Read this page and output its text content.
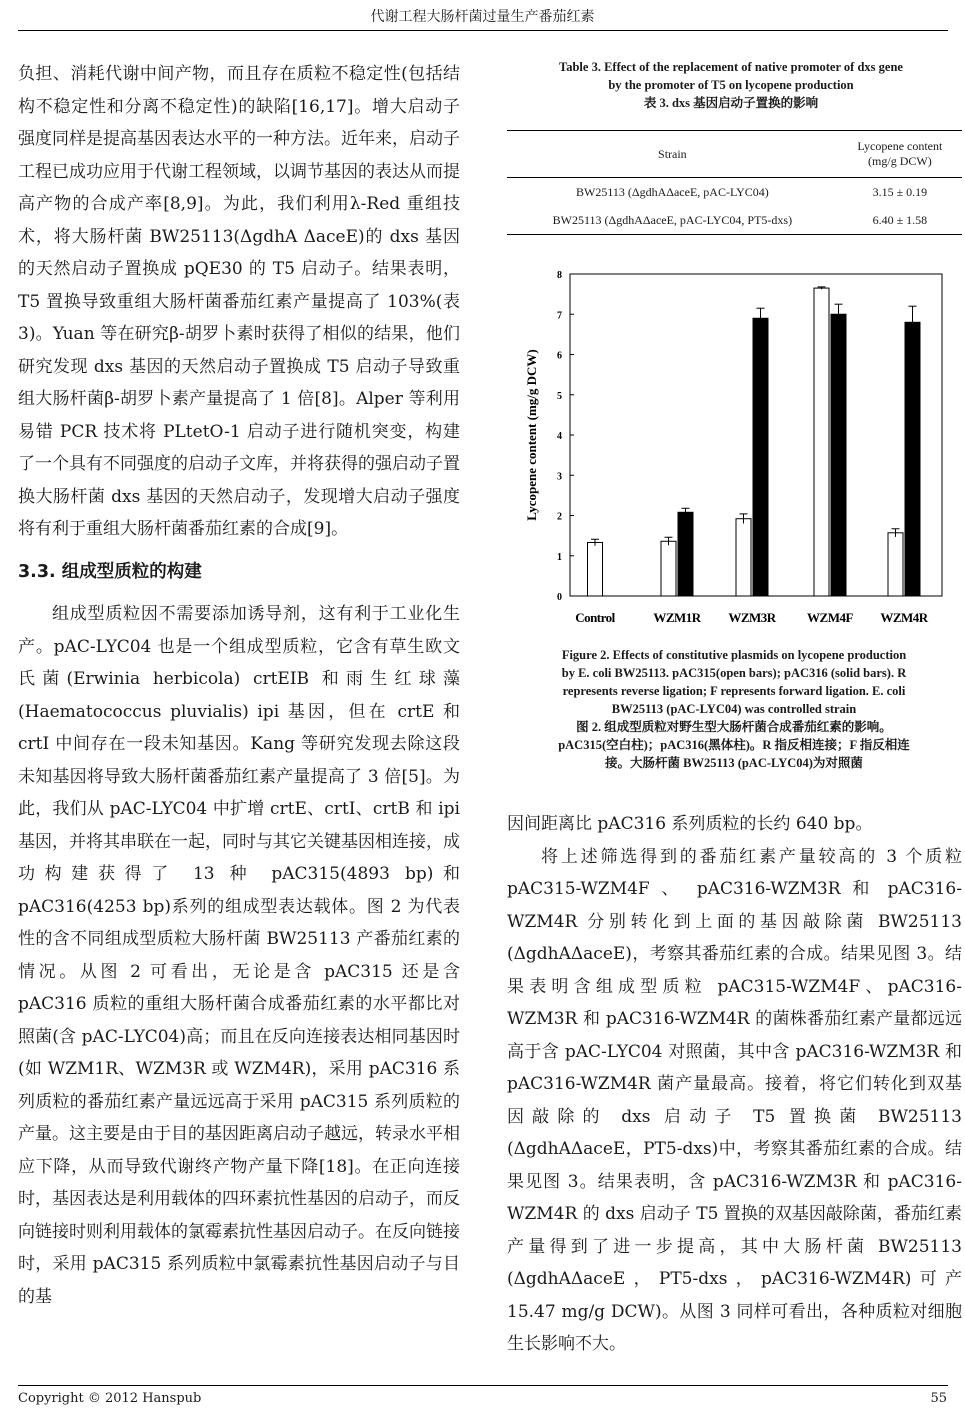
代谢工程大肠杆菌过量生产番茄红素

负担、消耗代谢中间产物，而且存在质粒不稳定性(包括结构不稳定性和分离不稳定性)的缺陷[16,17]。增大启动子强度同样是提高基因表达水平的一种方法。近年来，启动子工程已成功应用于代谢工程领域，以调节基因的表达从而提高产物的合成产率[8,9]。为此，我们利用λ-Red 重组技术，将大肠杆菌 BW25113(ΔgdhA ΔaceE)的 dxs 基因的天然启动子置换成 pQE30 的 T5 启动子。结果表明，T5 置换导致重组大肠杆菌番茄红素产量提高了 103%(表 3)。Yuan 等在研究β-胡罗卜素时获得了相似的结果，他们研究发现 dxs 基因的天然启动子置换成 T5 启动子导致重组大肠杆菌β-胡罗卜素产量提高了 1 倍[8]。Alper 等利用易错 PCR 技术将 PLtetO-1 启动子进行随机突变，构建了一个具有不同强度的启动子文库，并将获得的强启动子置换大肠杆菌 dxs 基因的天然启动子，发现增大启动子强度将有利于重组大肠杆菌番茄红素的合成[9]。

3.3. 组成型质粒的构建

组成型质粒因不需要添加诱导剂，这有利于工业化生产。pAC-LYC04 也是一个组成型质粒，它含有草生欧文氏菌(Erwinia herbicola) crtEIB 和雨生红球藻(Haematococcus pluvialis) ipi 基因，但在 crtE 和 crtI 中间存在一段未知基因。Kang 等研究发现去除这段未知基因将导致大肠杆菌番茄红素产量提高了 3 倍[5]。为此，我们从 pAC-LYC04 中扩增 crtE、crtI、crtB 和 ipi 基因，并将其串联在一起，同时与其它关键基因相连接，成功构建获得了 13 种 pAC315(4893 bp)和 pAC316(4253 bp)系列的组成型表达载体。图 2 为代表性的含不同组成型质粒大肠杆菌 BW25113 产番茄红素的情况。从图 2 可看出，无论是含 pAC315 还是含 pAC316 质粒的重组大肠杆菌合成番茄红素的水平都比对照菌(含 pAC-LYC04)高；而且在反向连接表达相同基因时(如 WZM1R、WZM3R 或 WZM4R)，采用 pAC316 系列质粒的番茄红素产量远远高于采用 pAC315 系列质粒的产量。这主要是由于目的基因距离启动子越远，转录水平相应下降，从而导致代谢终产物产量下降[18]。在正向连接时，基因表达是利用载体的四环素抗性基因的启动子，而反向链接时则利用载体的氯霉素抗性基因启动子。在反向链接时，采用 pAC315 系列质粒中氯霉素抗性基因启动子与目的基

Table 3. Effect of the replacement of native promoter of dxs gene
by the promoter of T5 on lycopene production
表 3. dxs 基因启动子置换的影响
Strain	Lycopene content
(mg/g DCW)

BW25113 (ΔgdhAΔaceE, pAC-LYC04)	3.15 ± 0.19
BW25113 (ΔgdhAΔaceE, pAC-LYC04, PT5-dxs)	6.40 ± 1.58
0
1
2
3
4
5
6
7
8
Lycopene content (mg/g DCW)
Control	WZM1R WZM3R WZM4F WZM4R
Figure 2. Effects of constitutive plasmids on lycopene production
by E. coli BW25113. pAC315(open bars); pAC316 (solid bars). R
represents reverse ligation; F represents forward ligation. E. coli
BW25113 (pAC-LYC04) was controlled strain
图 2. 组成型质粒对野生型大肠杆菌合成番茄红素的影响。
pAC315(空白柱)；pAC316(黑体柱)。R 指反相连接；F 指反相连
接。大肠杆菌 BW25113 (pAC-LYC04)为对照菌

因间距离比 pAC316 系列质粒的长约 640 bp。

将上述筛选得到的番茄红素产量较高的 3 个质粒 pAC315-WZM4F 、 pAC316-WZM3R 和 pAC316-WZM4R 分别转化到上面的基因敲除菌 BW25113 (ΔgdhAΔaceE)，考察其番茄红素的合成。结果见图 3。结果表明含组成型质粒 pAC315-WZM4F、pAC316-WZM3R 和 pAC316-WZM4R 的菌株番茄红素产量都远远高于含 pAC-LYC04 对照菌，其中含 pAC316-WZM3R 和 pAC316-WZM4R 菌产量最高。接着，将它们转化到双基因敲除的 dxs 启动子 T5 置换菌 BW25113 (ΔgdhAΔaceE，PT5-dxs)中，考察其番茄红素的合成。结果见图 3。结果表明，含 pAC316-WZM3R 和 pAC316-WZM4R 的 dxs 启动子 T5 置换的双基因敲除菌，番茄红素产量得到了进一步提高，其中大肠杆菌 BW25113 (ΔgdhAΔaceE，PT5-dxs，pAC316-WZM4R)可产 15.47 mg/g DCW)。从图 3 同样可看出，各种质粒对细胞生长影响不大。

Copyright © 2012 Hanspub	55
